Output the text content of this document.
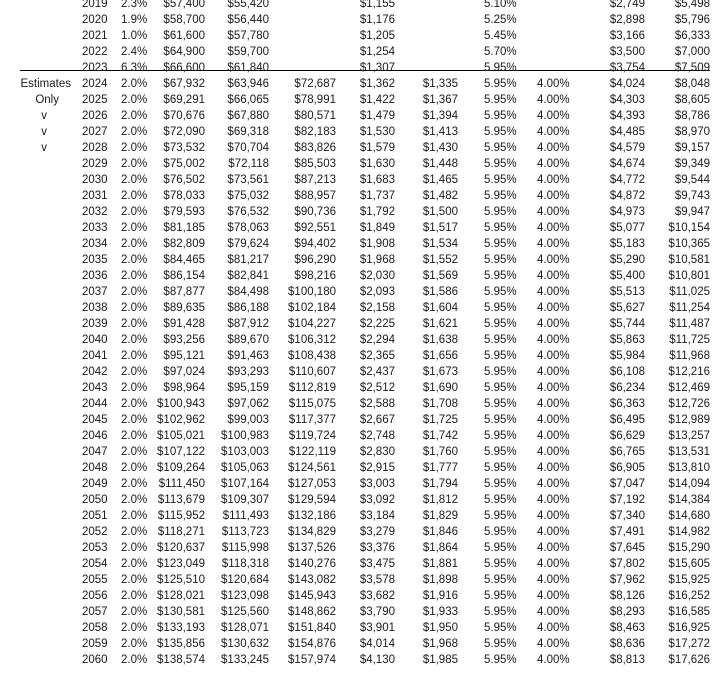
2019 2.3% $57,400 $55,420	$1,155	5.10%	$2,749	$5,498
2020 1.9% $58,700 $56,440	$1,176	5.25%	$2,898	$5,796
2021 1.0% $61,600 $57,780	$1,205	5.45%	$3,166	$6,333
2022 2.4% $64,900 $59,700	$1,254	5.70%	$3,500	$7,000
2023 6.3% $66,600 $61,840	$1,307	5.95%	$3,754	$7,509
Estimates 2024 2.0% $67,932 $63,946 $72,687 $1,362 $1,335 5.95% 4.00%	$4,024	$8,048
Only 2025 2.0% $69,291 $66,065 $78,991 $1,422 $1,367 5.95% 4.00%	$4,303	$8,605
v	2026 2.0% $70,676 $67,880 $80,571 $1,479 $1,394 5.95% 4.00%	$4,393	$8,786
v	2027 2.0% $72,090 $69,318 $82,183 $1,530 $1,413 5.95% 4.00%	$4,485	$8,970
v	2028 2.0% $73,532 $70,704 $83,826 $1,579 $1,430 5.95% 4.00%	$4,579	$9,157
2029 2.0% $75,002 $72,118 $85,503 $1,630 $1,448 5.95% 4.00%	$4,674	$9,349
2030 2.0% $76,502 $73,561 $87,213 $1,683 $1,465 5.95% 4.00%	$4,772	$9,544
2031 2.0% $78,033 $75,032 $88,957 $1,737 $1,482 5.95% 4.00%	$4,872	$9,743
2032 2.0% $79,593 $76,532 $90,736 $1,792 $1,500 5.95% 4.00%	$4,973	$9,947
2033 2.0% $81,185 $78,063 $92,551 $1,849 $1,517 5.95% 4.00%	$5,077 $10,154
2034 2.0% $82,809 $79,624 $94,402 $1,908 $1,534 5.95% 4.00%	$5,183 $10,365
2035 2.0% $84,465 $81,217 $96,290 $1,968 $1,552 5.95% 4.00%	$5,290 $10,581
2036 2.0% $86,154 $82,841 $98,216 $2,030 $1,569 5.95% 4.00%	$5,400 $10,801
2037 2.0% $87,877 $84,498 $100,180 $2,093 $1,586 5.95% 4.00%	$5,513 $11,025
2038 2.0% $89,635 $86,188 $102,184 $2,158 $1,604 5.95% 4.00%	$5,627 $11,254
2039 2.0% $91,428 $87,912 $104,227 $2,225 $1,621 5.95% 4.00%	$5,744 $11,487
2040 2.0% $93,256 $89,670 $106,312 $2,294 $1,638 5.95% 4.00%	$5,863 $11,725
2041 2.0% $95,121 $91,463 $108,438 $2,365 $1,656 5.95% 4.00%	$5,984 $11,968
2042 2.0% $97,024 $93,293 $110,607 $2,437 $1,673 5.95% 4.00%	$6,108 $12,216
2043 2.0% $98,964 $95,159 $112,819 $2,512 $1,690 5.95% 4.00%	$6,234 $12,469
2044 2.0% $100,943 $97,062 $115,075 $2,588 $1,708 5.95% 4.00%	$6,363 $12,726
2045 2.0% $102,962 $99,003 $117,377 $2,667 $1,725 5.95% 4.00%	$6,495 $12,989
2046 2.0% $105,021 $100,983 $119,724 $2,748 $1,742 5.95% 4.00%	$6,629 $13,257
2047 2.0% $107,122 $103,003 $122,119 $2,830 $1,760 5.95% 4.00%	$6,765 $13,531
2048 2.0% $109,264 $105,063 $124,561 $2,915 $1,777 5.95% 4.00%	$6,905 $13,810
2049 2.0% $111,450 $107,164 $127,053 $3,003 $1,794 5.95% 4.00%	$7,047 $14,094
2050 2.0% $113,679 $109,307 $129,594 $3,092 $1,812 5.95% 4.00%	$7,192 $14,384
2051 2.0% $115,952 $111,493 $132,186 $3,184 $1,829 5.95% 4.00%	$7,340 $14,680
2052 2.0% $118,271 $113,723 $134,829 $3,279 $1,846 5.95% 4.00%	$7,491 $14,982
2053 2.0% $120,637 $115,998 $137,526 $3,376 $1,864 5.95% 4.00%	$7,645 $15,290
2054 2.0% $123,049 $118,318 $140,276 $3,475 $1,881 5.95% 4.00%	$7,802 $15,605
2055 2.0% $125,510 $120,684 $143,082 $3,578 $1,898 5.95% 4.00%	$7,962 $15,925
2056 2.0% $128,021 $123,098 $145,943 $3,682 $1,916 5.95% 4.00%	$8,126 $16,252
2057 2.0% $130,581 $125,560 $148,862 $3,790 $1,933 5.95% 4.00%	$8,293 $16,585
2058 2.0% $133,193 $128,071 $151,840 $3,901 $1,950 5.95% 4.00%	$8,463 $16,925
2059 2.0% $135,856 $130,632 $154,876 $4,014 $1,968 5.95% 4.00%	$8,636 $17,272
2060 2.0% $138,574 $133,245 $157,974 $4,130 $1,985 5.95% 4.00%	$8,813 $17,626
